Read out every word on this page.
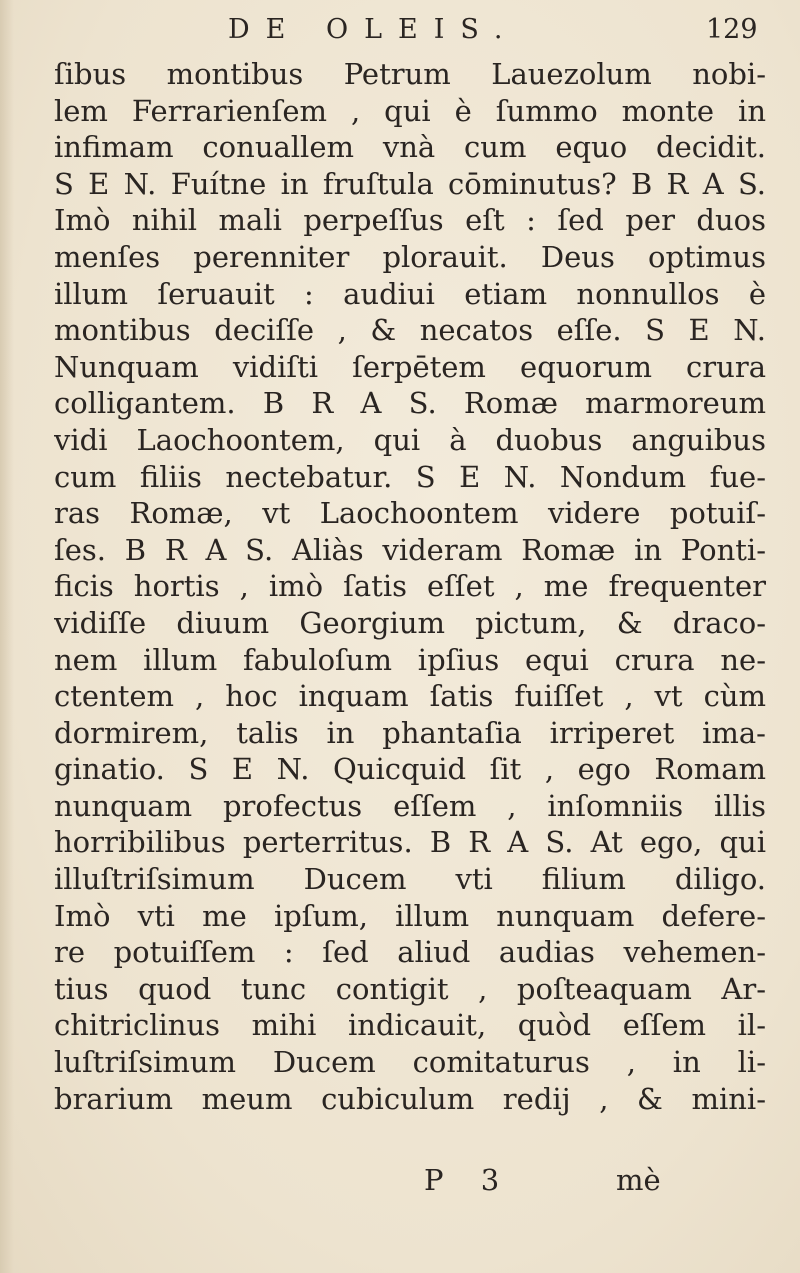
DE OLEIS.	129
ſibus montibus Petrum Lauezolum nobi-
lem Ferrarienſem , qui è ſummo monte in
infimam conuallem vnà cum equo decidit.
S E N. Fuítne in fruſtula cōminutus? B R A S.
Imò nihil mali perpeſſus eſt : ſed per duos
menſes perenniter plorauit. Deus optimus
illum ſeruauit : audiui etiam nonnullos è
montibus deciſſe , & necatos eſſe. S E N.
Nunquam vidiſti ſerpētem equorum crura
colligantem. B R A S. Romæ marmoreum
vidi Laochoontem, qui à duobus anguibus
cum filiis nectebatur. S E N. Nondum fue-
ras Romæ, vt Laochoontem videre potuiſ-
ſes. B R A S. Aliàs videram Romæ in Ponti-
ficis hortis , imò ſatis eſſet , me frequenter
vidiſſe diuum Georgium pictum, & draco-
nem illum fabuloſum ipſius equi crura ne-
ctentem , hoc inquam ſatis fuiſſet , vt cùm
dormirem, talis in phantaſia irriperet ima-
ginatio. S E N. Quicquid ſit , ego Romam
nunquam profectus eſſem , inſomniis illis
horribilibus perterritus. B R A S. At ego, qui
illuſtriſsimum Ducem vti filium diligo.
Imò vti me ipſum, illum nunquam defere-
re potuiſſem : ſed aliud audias vehemen-
tius quod tunc contigit , poſteaquam Ar-
chitriclinus mihi indicauit, quòd eſſem il-
luſtriſsimum Ducem comitaturus , in li-
brarium meum cubiculum redij , & mini-
P 3	mè
